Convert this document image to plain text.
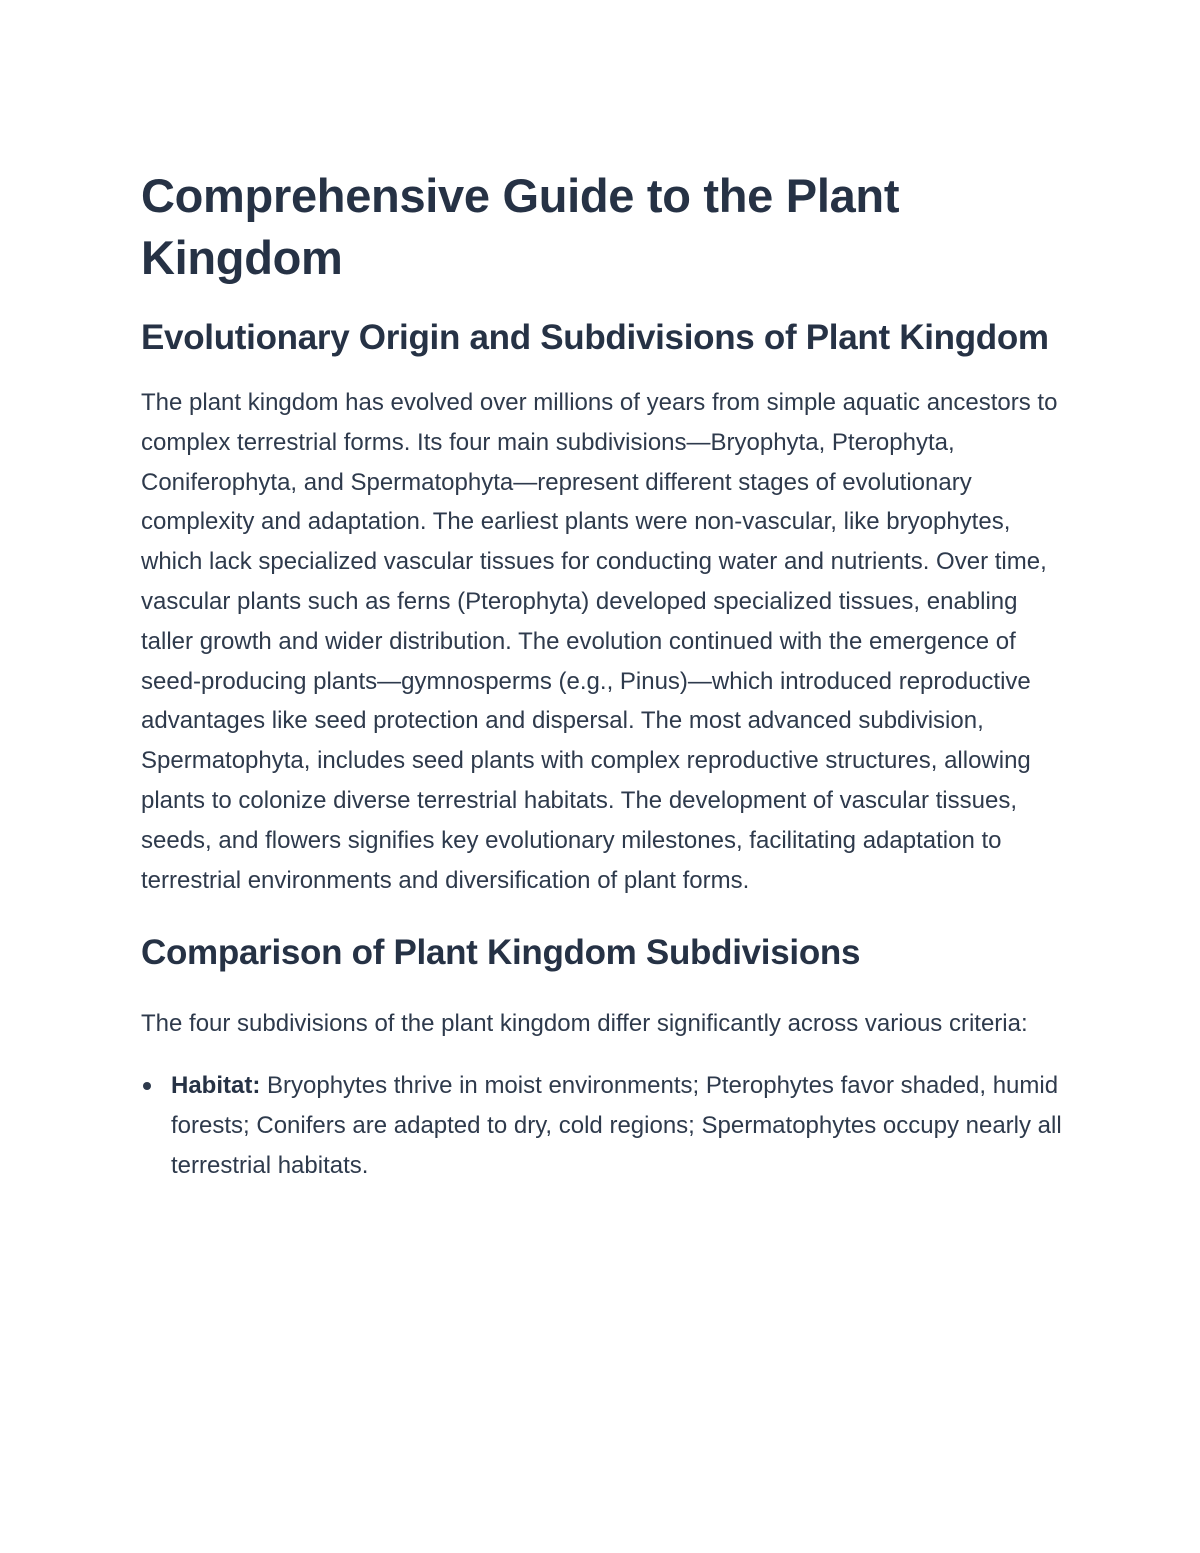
Comprehensive Guide to the Plant Kingdom
Evolutionary Origin and Subdivisions of Plant Kingdom

The plant kingdom has evolved over millions of years from simple aquatic ancestors to complex terrestrial forms. Its four main subdivisions—Bryophyta, Pterophyta, Coniferophyta, and Spermatophyta—represent different stages of evolutionary complexity and adaptation. The earliest plants were non-vascular, like bryophytes, which lack specialized vascular tissues for conducting water and nutrients. Over time, vascular plants such as ferns (Pterophyta) developed specialized tissues, enabling taller growth and wider distribution. The evolution continued with the emergence of seed-producing plants—gymnosperms (e.g., Pinus)—which introduced reproductive advantages like seed protection and dispersal. The most advanced subdivision, Spermatophyta, includes seed plants with complex reproductive structures, allowing plants to colonize diverse terrestrial habitats. The development of vascular tissues, seeds, and flowers signifies key evolutionary milestones, facilitating adaptation to terrestrial environments and diversification of plant forms.

Comparison of Plant Kingdom Subdivisions

The four subdivisions of the plant kingdom differ significantly across various criteria:

Habitat: Bryophytes thrive in moist environments; Pterophytes favor shaded, humid forests; Conifers are adapted to dry, cold regions; Spermatophytes occupy nearly all terrestrial habitats.
